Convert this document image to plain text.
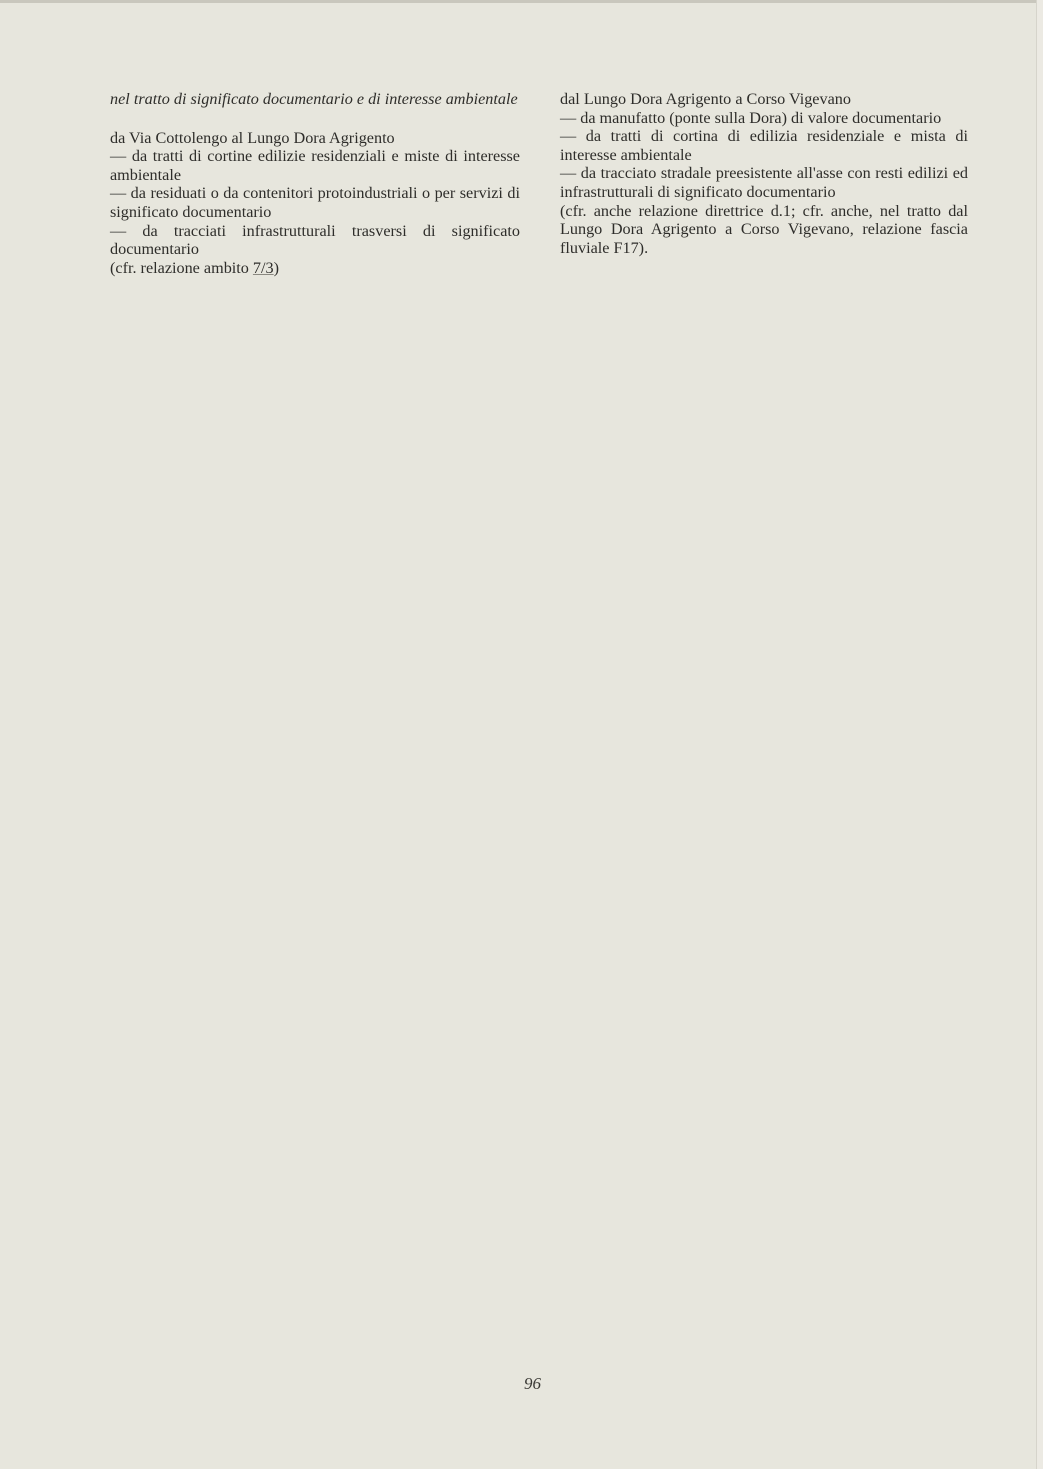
nel tratto di significato documentario e di interesse ambientale

da Via Cottolengo al Lungo Dora Agrigento

— da tratti di cortine edilizie residenziali e miste di interesse ambientale

— da residuati o da contenitori protoindustriali o per servizi di significato documentario

— da tracciati infrastrutturali trasversi di significato documentario

(cfr. relazione ambito 7/3)

dal Lungo Dora Agrigento a Corso Vigevano

— da manufatto (ponte sulla Dora) di valore documentario

— da tratti di cortina di edilizia residenziale e mista di interesse ambientale

— da tracciato stradale preesistente all'asse con resti edilizi ed infrastrutturali di significato documentario

(cfr. anche relazione direttrice d.1; cfr. anche, nel tratto dal Lungo Dora Agrigento a Corso Vigevano, relazione fascia fluviale F17).

96
